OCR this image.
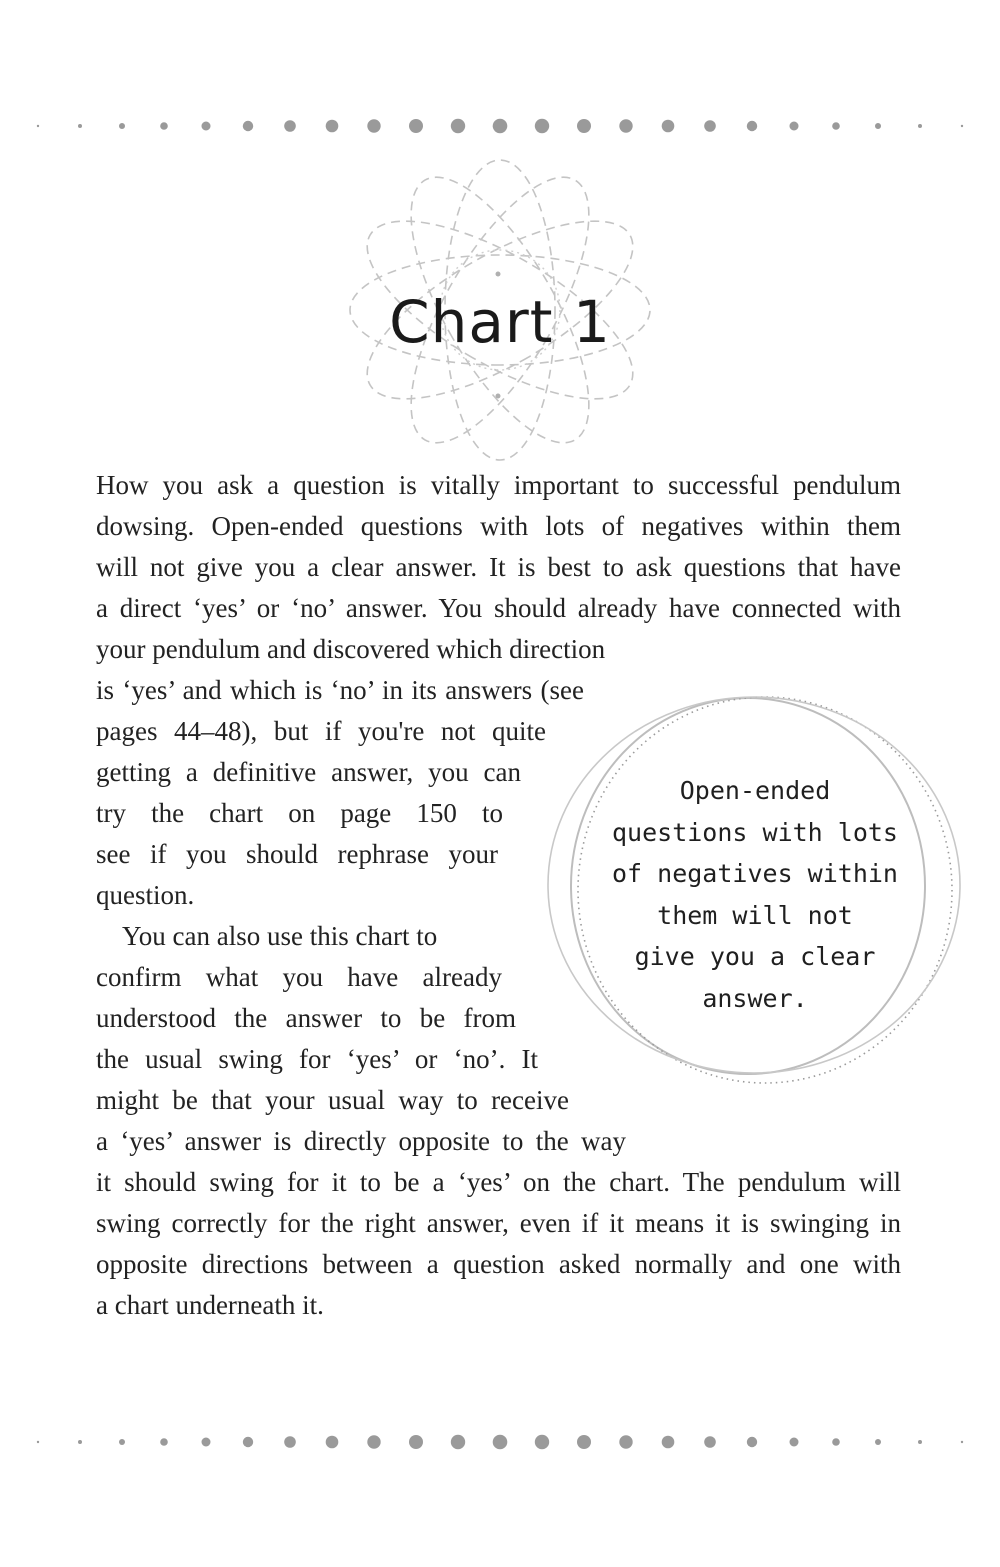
Chart 1
How you ask a question is vitally important to successful pendulum
dowsing. Open-ended questions with lots of negatives within them
will not give you a clear answer. It is best to ask questions that have
a direct ‘yes’ or ‘no’ answer. You should already have connected with
your pendulum and discovered which direction
is ‘yes’ and which is ‘no’ in its answers (see
pages 44–48), but if you're not quite
getting a definitive answer, you can
try the chart on page 150 to
see if you should rephrase your
question.
You can also use this chart to
confirm what you have already
understood the answer to be from
the usual swing for ‘yes’ or ‘no’. It
might be that your usual way to receive
a ‘yes’ answer is directly opposite to the way
it should swing for it to be a ‘yes’ on the chart. The pendulum will
swing correctly for the right answer, even if it means it is swinging in
opposite directions between a question asked normally and one with
a chart underneath it.
Open-ended
questions with lots
of negatives within
them will not
give you a clear
answer.
